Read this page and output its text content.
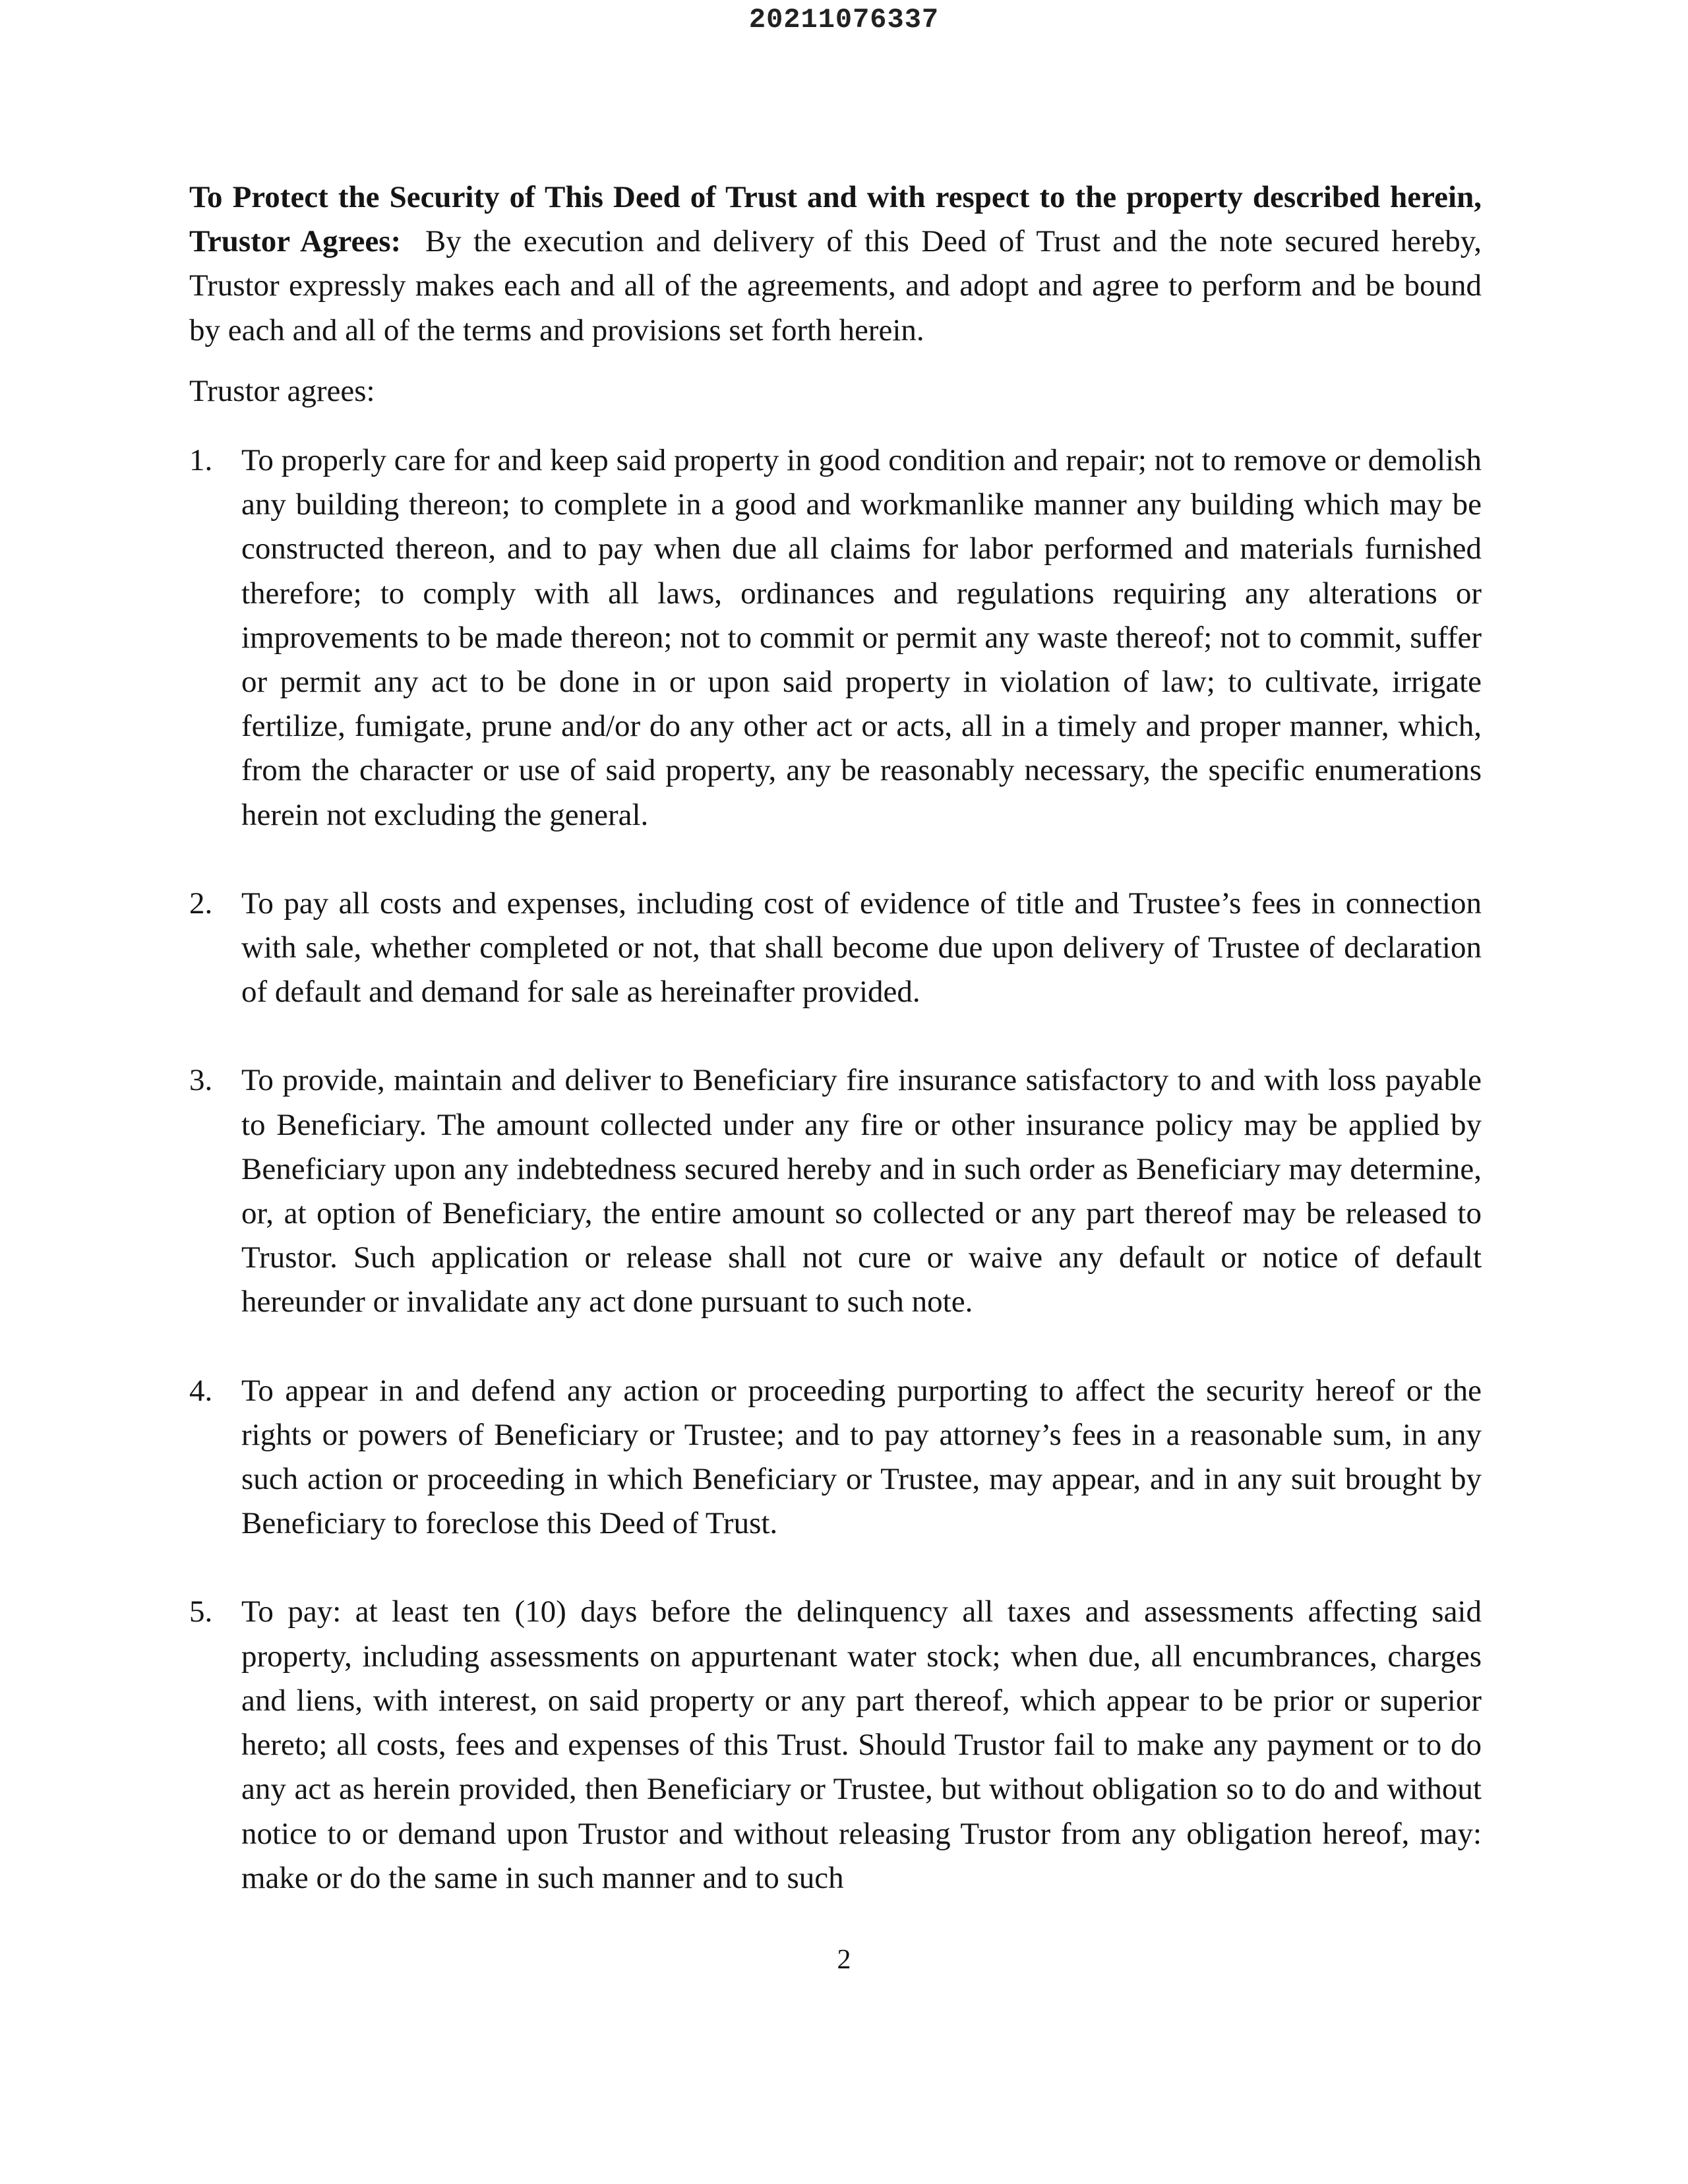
20211076337

To Protect the Security of This Deed of Trust and with respect to the property described herein, Trustor Agrees: By the execution and delivery of this Deed of Trust and the note secured hereby, Trustor expressly makes each and all of the agreements, and adopt and agree to perform and be bound by each and all of the terms and provisions set forth herein.

Trustor agrees:

1. To properly care for and keep said property in good condition and repair; not to remove or demolish any building thereon; to complete in a good and workmanlike manner any building which may be constructed thereon, and to pay when due all claims for labor performed and materials furnished therefore; to comply with all laws, ordinances and regulations requiring any alterations or improvements to be made thereon; not to commit or permit any waste thereof; not to commit, suffer or permit any act to be done in or upon said property in violation of law; to cultivate, irrigate fertilize, fumigate, prune and/or do any other act or acts, all in a timely and proper manner, which, from the character or use of said property, any be reasonably necessary, the specific enumerations herein not excluding the general.
2. To pay all costs and expenses, including cost of evidence of title and Trustee’s fees in connection with sale, whether completed or not, that shall become due upon delivery of Trustee of declaration of default and demand for sale as hereinafter provided.
3. To provide, maintain and deliver to Beneficiary fire insurance satisfactory to and with loss payable to Beneficiary. The amount collected under any fire or other insurance policy may be applied by Beneficiary upon any indebtedness secured hereby and in such order as Beneficiary may determine, or, at option of Beneficiary, the entire amount so collected or any part thereof may be released to Trustor. Such application or release shall not cure or waive any default or notice of default hereunder or invalidate any act done pursuant to such note.
4. To appear in and defend any action or proceeding purporting to affect the security hereof or the rights or powers of Beneficiary or Trustee; and to pay attorney’s fees in a reasonable sum, in any such action or proceeding in which Beneficiary or Trustee, may appear, and in any suit brought by Beneficiary to foreclose this Deed of Trust.
5. To pay: at least ten (10) days before the delinquency all taxes and assessments affecting said property, including assessments on appurtenant water stock; when due, all encumbrances, charges and liens, with interest, on said property or any part thereof, which appear to be prior or superior hereto; all costs, fees and expenses of this Trust. Should Trustor fail to make any payment or to do any act as herein provided, then Beneficiary or Trustee, but without obligation so to do and without notice to or demand upon Trustor and without releasing Trustor from any obligation hereof, may: make or do the same in such manner and to such
2
